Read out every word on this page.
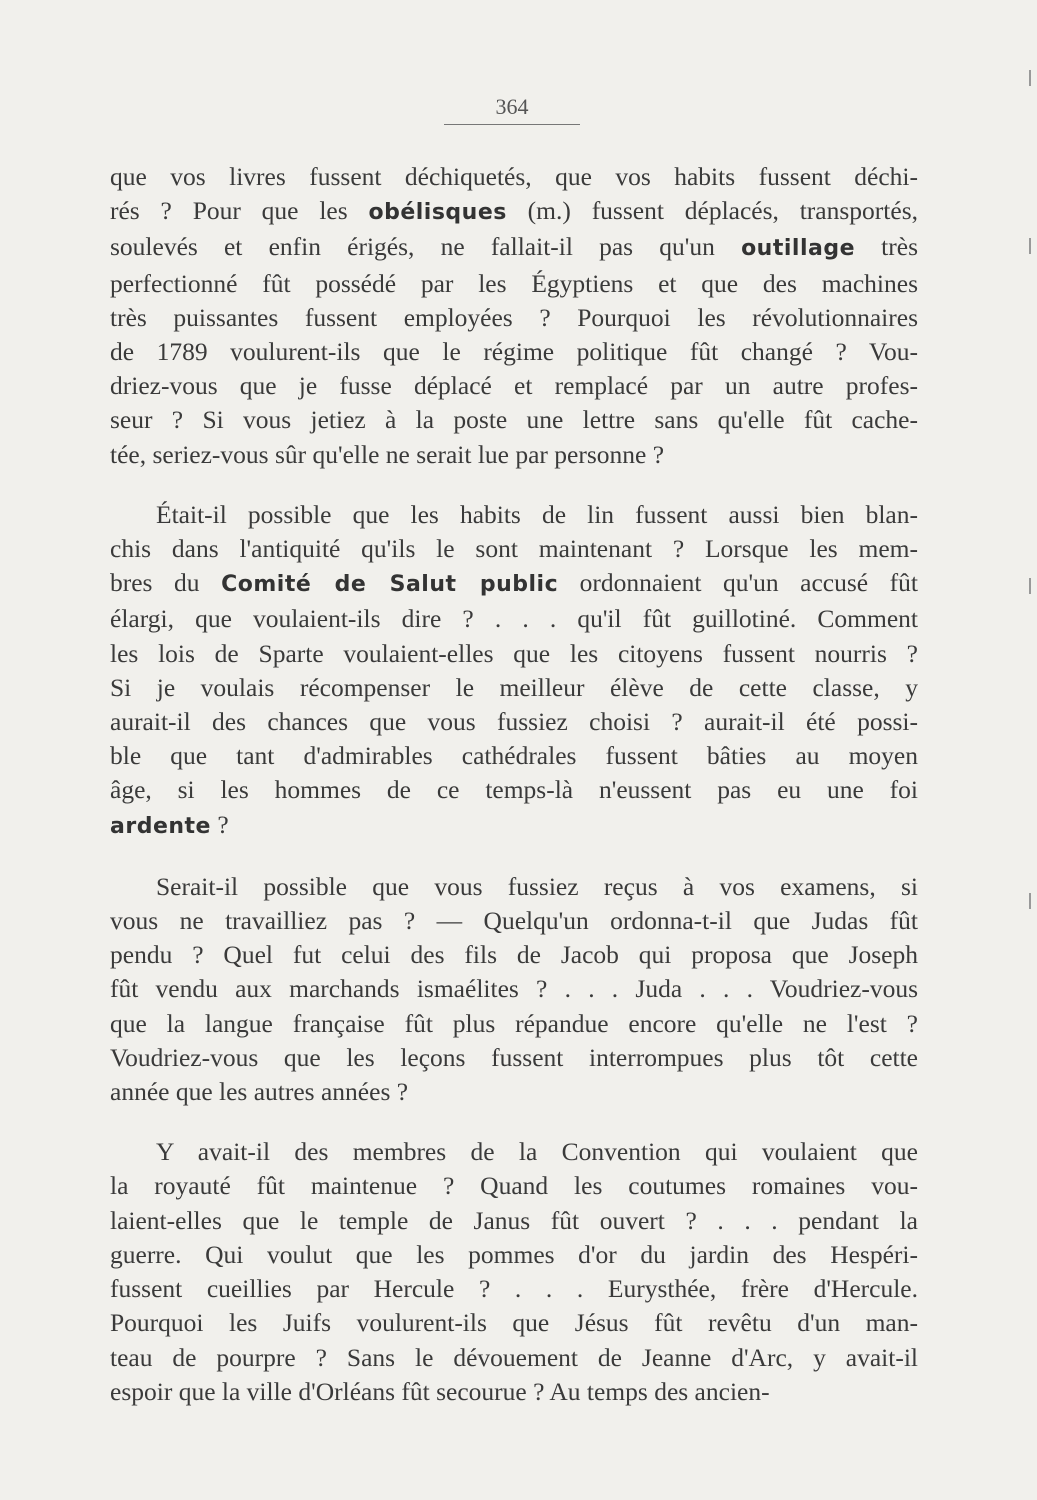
364
que vos livres fussent déchiquetés, que vos habits fussent déchi-
rés ? Pour que les obélisques (m.) fussent déplacés, transportés,
soulevés et enfin érigés, ne fallait-il pas qu'un outillage très
perfectionné fût possédé par les Égyptiens et que des machines
très puissantes fussent employées ? Pourquoi les révolutionnaires
de 1789 voulurent-ils que le régime politique fût changé ? Vou-
driez-vous que je fusse déplacé et remplacé par un autre profes-
seur ? Si vous jetiez à la poste une lettre sans qu'elle fût cache-
tée, seriez-vous sûr qu'elle ne serait lue par personne ?
Était-il possible que les habits de lin fussent aussi bien blan-
chis dans l'antiquité qu'ils le sont maintenant ? Lorsque les mem-
bres du Comité de Salut public ordonnaient qu'un accusé fût
élargi, que voulaient-ils dire ? . . . qu'il fût guillotiné. Comment
les lois de Sparte voulaient-elles que les citoyens fussent nourris ?
Si je voulais récompenser le meilleur élève de cette classe, y
aurait-il des chances que vous fussiez choisi ? aurait-il été possi-
ble que tant d'admirables cathédrales fussent bâties au moyen
âge, si les hommes de ce temps-là n'eussent pas eu une foi
ardente ?
Serait-il possible que vous fussiez reçus à vos examens, si
vous ne travailliez pas ? — Quelqu'un ordonna-t-il que Judas fût
pendu ? Quel fut celui des fils de Jacob qui proposa que Joseph
fût vendu aux marchands ismaélites ? . . . Juda . . . Voudriez-vous
que la langue française fût plus répandue encore qu'elle ne l'est ?
Voudriez-vous que les leçons fussent interrompues plus tôt cette
année que les autres années ?
Y avait-il des membres de la Convention qui voulaient que
la royauté fût maintenue ? Quand les coutumes romaines vou-
laient-elles que le temple de Janus fût ouvert ? . . . pendant la
guerre. Qui voulut que les pommes d'or du jardin des Hespéri-
fussent cueillies par Hercule ? . . . Eurysthée, frère d'Hercule.
Pourquoi les Juifs voulurent-ils que Jésus fût revêtu d'un man-
teau de pourpre ? Sans le dévouement de Jeanne d'Arc, y avait-il
espoir que la ville d'Orléans fût secourue ? Au temps des ancien-
